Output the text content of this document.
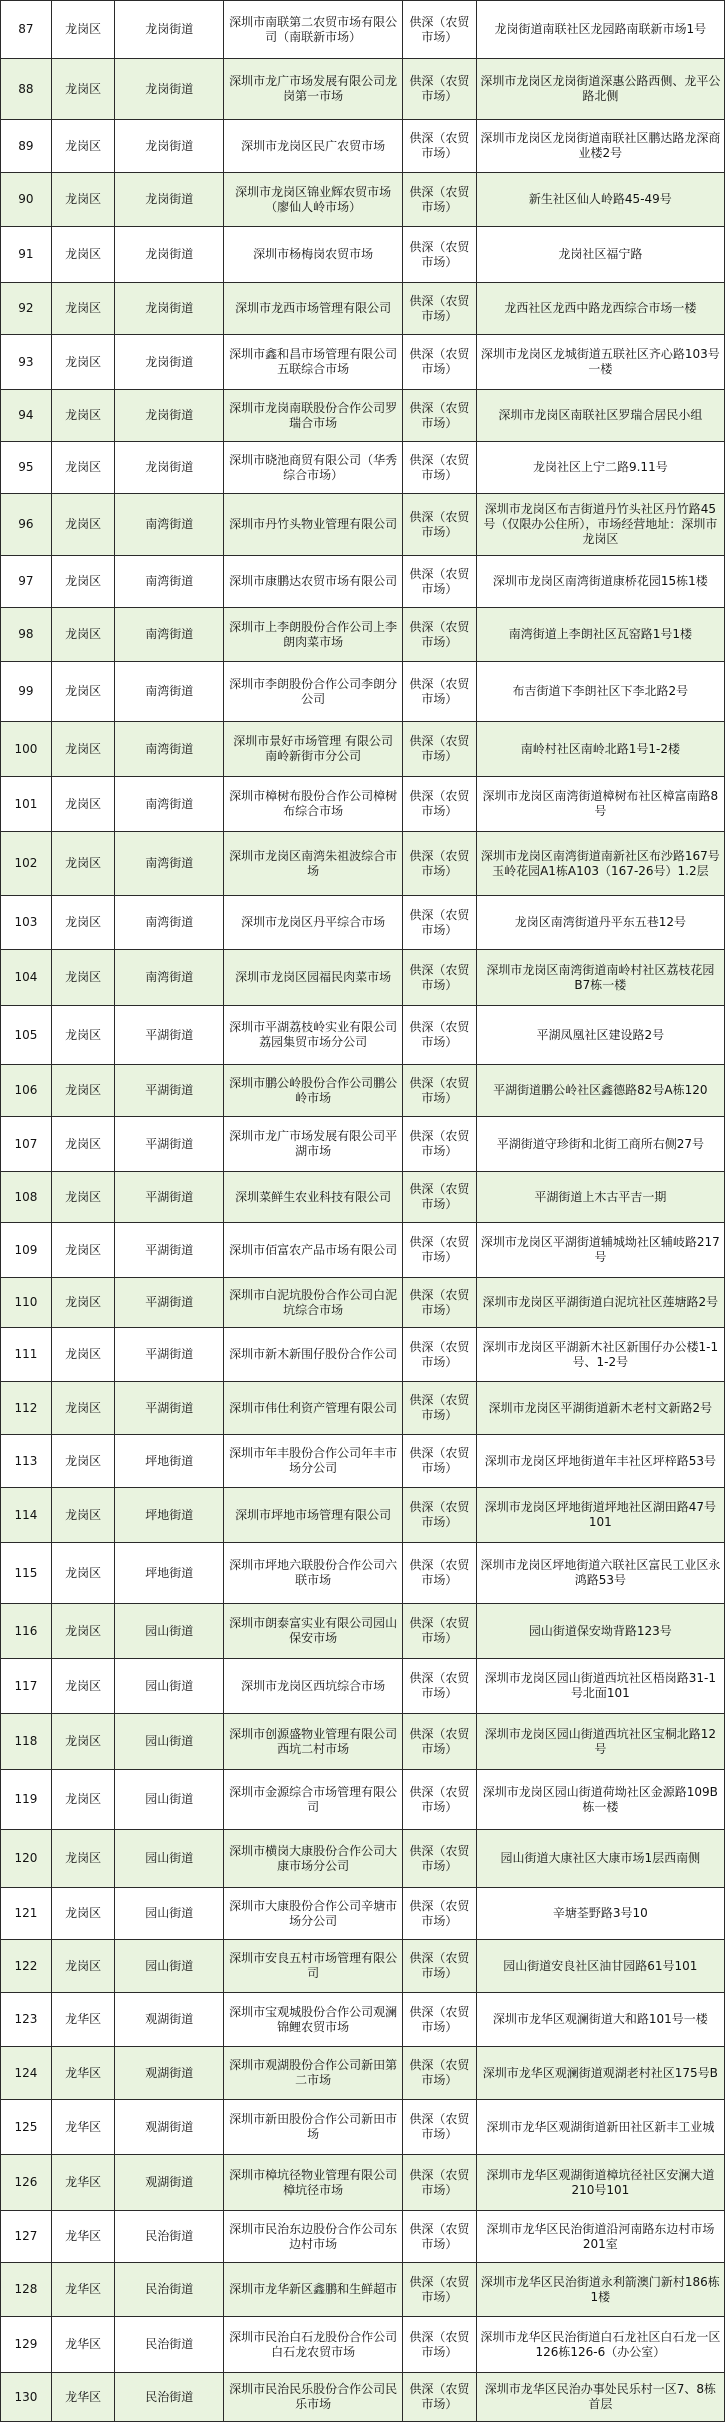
87	龙岗区	龙岗街道	深圳市南联第二农贸市场有限公司（南联新市场）	供深（农贸市场）	龙岗街道南联社区龙园路南联新市场1号
88	龙岗区	龙岗街道	深圳市龙广市场发展有限公司龙岗第一市场	供深（农贸市场）	深圳市龙岗区龙岗街道深惠公路西侧、龙平公路北侧
89	龙岗区	龙岗街道	深圳市龙岗区民广农贸市场	供深（农贸市场）	深圳市龙岗区龙岗街道南联社区鹏达路龙深商业楼2号
90	龙岗区	龙岗街道	深圳市龙岗区锦业辉农贸市场（廖仙人岭市场）	供深（农贸市场）	新生社区仙人岭路45-49号
91	龙岗区	龙岗街道	深圳市杨梅岗农贸市场	供深（农贸市场）	龙岗社区福宁路
92	龙岗区	龙岗街道	深圳市龙西市场管理有限公司	供深（农贸市场）	龙西社区龙西中路龙西综合市场一楼
93	龙岗区	龙岗街道	深圳市鑫和昌市场管理有限公司五联综合市场	供深（农贸市场）	深圳市龙岗区龙城街道五联社区齐心路103号一楼
94	龙岗区	龙岗街道	深圳市龙岗南联股份合作公司罗瑞合市场	供深（农贸市场）	深圳市龙岗区南联社区罗瑞合居民小组
95	龙岗区	龙岗街道	深圳市晓池商贸有限公司（华秀综合市场）	供深（农贸市场）	龙岗社区上宁二路9.11号
96	龙岗区	南湾街道	深圳市丹竹头物业管理有限公司	供深（农贸市场）	深圳市龙岗区布吉街道丹竹头社区丹竹路45号（仅限办公住所），市场经营地址：深圳市龙岗区
97	龙岗区	南湾街道	深圳市康鹏达农贸市场有限公司	供深（农贸市场）	深圳市龙岗区南湾街道康桥花园15栋1楼
98	龙岗区	南湾街道	深圳市上李朗股份合作公司上李朗肉菜市场	供深（农贸市场）	南湾街道上李朗社区瓦窑路1号1楼
99	龙岗区	南湾街道	深圳市李朗股份合作公司李朗分公司	供深（农贸市场）	布吉街道下李朗社区下李北路2号
100	龙岗区	南湾街道	深圳市景好市场管理 有限公司南岭新街市分公司	供深（农贸市场）	南岭村社区南岭北路1号1-2楼
101	龙岗区	南湾街道	深圳市樟树布股份合作公司樟树布综合市场	供深（农贸市场）	深圳市龙岗区南湾街道樟树布社区樟富南路8号
102	龙岗区	南湾街道	深圳市龙岗区南湾朱祖波综合市场	供深（农贸市场）	深圳市龙岗区南湾街道南新社区布沙路167号玉岭花园A1栋A103（167-26号）1.2层
103	龙岗区	南湾街道	深圳市龙岗区丹平综合市场	供深（农贸市场）	龙岗区南湾街道丹平东五巷12号
104	龙岗区	南湾街道	深圳市龙岗区园福民肉菜市场	供深（农贸市场）	深圳市龙岗区南湾街道南岭村社区荔枝花园B7栋一楼
105	龙岗区	平湖街道	深圳市平湖荔枝岭实业有限公司荔园集贸市场分公司	供深（农贸市场）	平湖凤凰社区建设路2号
106	龙岗区	平湖街道	深圳市鹏公岭股份合作公司鹏公岭市场	供深（农贸市场）	平湖街道鹏公岭社区鑫德路82号A栋120
107	龙岗区	平湖街道	深圳市龙广市场发展有限公司平湖市场	供深（农贸市场）	平湖街道守珍街和北街工商所右侧27号
108	龙岗区	平湖街道	深圳菜鲜生农业科技有限公司	供深（农贸市场）	平湖街道上木古平吉一期
109	龙岗区	平湖街道	深圳市佰富农产品市场有限公司	供深（农贸市场）	深圳市龙岗区平湖街道辅城坳社区辅岐路217号
110	龙岗区	平湖街道	深圳市白泥坑股份合作公司白泥坑综合市场	供深（农贸市场）	深圳市龙岗区平湖街道白泥坑社区莲塘路2号
111	龙岗区	平湖街道	深圳市新木新围仔股份合作公司	供深（农贸市场）	深圳市龙岗区平湖新木社区新围仔办公楼1-1号、1-2号
112	龙岗区	平湖街道	深圳市伟仕利资产管理有限公司	供深（农贸市场）	深圳市龙岗区平湖街道新木老村文新路2号
113	龙岗区	坪地街道	深圳市年丰股份合作公司年丰市场分公司	供深（农贸市场）	深圳市龙岗区坪地街道年丰社区坪梓路53号
114	龙岗区	坪地街道	深圳市坪地市场管理有限公司	供深（农贸市场）	深圳市龙岗区坪地街道坪地社区湖田路47号101
115	龙岗区	坪地街道	深圳市坪地六联股份合作公司六联市场	供深（农贸市场）	深圳市龙岗区坪地街道六联社区富民工业区永鸿路53号
116	龙岗区	园山街道	深圳市朗泰富实业有限公司园山保安市场	供深（农贸市场）	园山街道保安坳背路123号
117	龙岗区	园山街道	深圳市龙岗区西坑综合市场	供深（农贸市场）	深圳市龙岗区园山街道西坑社区梧岗路31-1号北面101
118	龙岗区	园山街道	深圳市创源盛物业管理有限公司西坑二村市场	供深（农贸市场）	深圳市龙岗区园山街道西坑社区宝桐北路12号
119	龙岗区	园山街道	深圳市金源综合市场管理有限公司	供深（农贸市场）	深圳市龙岗区园山街道荷坳社区金源路109B栋一楼
120	龙岗区	园山街道	深圳市横岗大康股份合作公司大康市场分公司	供深（农贸市场）	园山街道大康社区大康市场1层西南侧
121	龙岗区	园山街道	深圳市大康股份合作公司辛塘市场分公司	供深（农贸市场）	辛塘荃野路3号10
122	龙岗区	园山街道	深圳市安良五村市场管理有限公司	供深（农贸市场）	园山街道安良社区油甘园路61号101
123	龙华区	观湖街道	深圳市宝观城股份合作公司观澜锦鲤农贸市场	供深（农贸市场）	深圳市龙华区观澜街道大和路101号一楼
124	龙华区	观湖街道	深圳市观湖股份合作公司新田第二市场	供深（农贸市场）	深圳市龙华区观澜街道观湖老村社区175号B
125	龙华区	观湖街道	深圳市新田股份合作公司新田市场	供深（农贸市场）	深圳市龙华区观湖街道新田社区新丰工业城
126	龙华区	观湖街道	深圳市樟坑径物业管理有限公司樟坑径市场	供深（农贸市场）	深圳市龙华区观湖街道樟坑径社区安澜大道210号101
127	龙华区	民治街道	深圳市民治东边股份合作公司东边村市场	供深（农贸市场）	深圳市龙华区民治街道沿河南路东边村市场201室
128	龙华区	民治街道	深圳市龙华新区鑫鹏和生鲜超市	供深（农贸市场）	深圳市龙华区民治街道永利箭澳门新村186栋1楼
129	龙华区	民治街道	深圳市民治白石龙股份合作公司白石龙农贸市场	供深（农贸市场）	深圳市龙华区民治街道白石龙社区白石龙一区126栋126-6（办公室）
130	龙华区	民治街道	深圳市民治民乐股份合作公司民乐市场	供深（农贸市场）	深圳市龙华区民治办事处民乐村一区7、8栋首层
